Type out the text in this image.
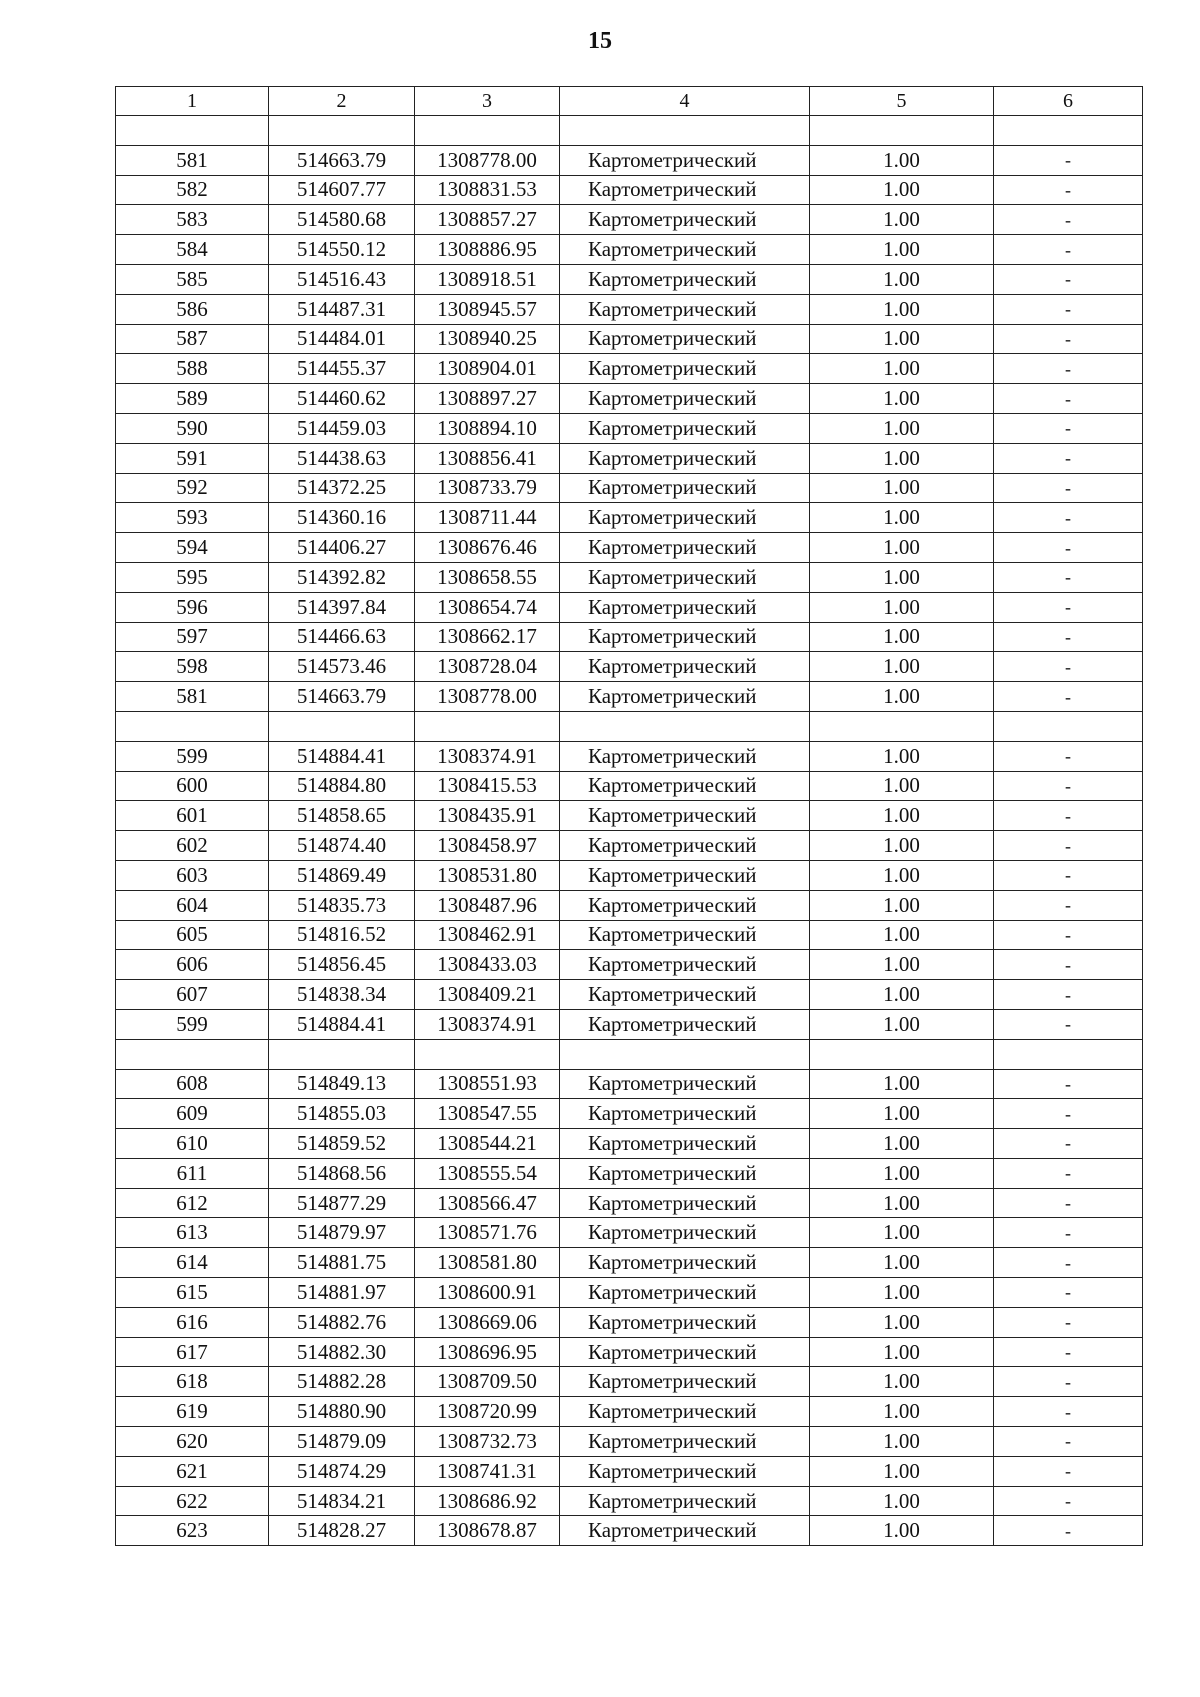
15
1	2	3	4	5	6

581	514663.79	1308778.00	Картометрический	1.00	-
582	514607.77	1308831.53	Картометрический	1.00	-
583	514580.68	1308857.27	Картометрический	1.00	-
584	514550.12	1308886.95	Картометрический	1.00	-
585	514516.43	1308918.51	Картометрический	1.00	-
586	514487.31	1308945.57	Картометрический	1.00	-
587	514484.01	1308940.25	Картометрический	1.00	-
588	514455.37	1308904.01	Картометрический	1.00	-
589	514460.62	1308897.27	Картометрический	1.00	-
590	514459.03	1308894.10	Картометрический	1.00	-
591	514438.63	1308856.41	Картометрический	1.00	-
592	514372.25	1308733.79	Картометрический	1.00	-
593	514360.16	1308711.44	Картометрический	1.00	-
594	514406.27	1308676.46	Картометрический	1.00	-
595	514392.82	1308658.55	Картометрический	1.00	-
596	514397.84	1308654.74	Картометрический	1.00	-
597	514466.63	1308662.17	Картометрический	1.00	-
598	514573.46	1308728.04	Картометрический	1.00	-
581	514663.79	1308778.00	Картометрический	1.00	-

599	514884.41	1308374.91	Картометрический	1.00	-
600	514884.80	1308415.53	Картометрический	1.00	-
601	514858.65	1308435.91	Картометрический	1.00	-
602	514874.40	1308458.97	Картометрический	1.00	-
603	514869.49	1308531.80	Картометрический	1.00	-
604	514835.73	1308487.96	Картометрический	1.00	-
605	514816.52	1308462.91	Картометрический	1.00	-
606	514856.45	1308433.03	Картометрический	1.00	-
607	514838.34	1308409.21	Картометрический	1.00	-
599	514884.41	1308374.91	Картометрический	1.00	-

608	514849.13	1308551.93	Картометрический	1.00	-
609	514855.03	1308547.55	Картометрический	1.00	-
610	514859.52	1308544.21	Картометрический	1.00	-
611	514868.56	1308555.54	Картометрический	1.00	-
612	514877.29	1308566.47	Картометрический	1.00	-
613	514879.97	1308571.76	Картометрический	1.00	-
614	514881.75	1308581.80	Картометрический	1.00	-
615	514881.97	1308600.91	Картометрический	1.00	-
616	514882.76	1308669.06	Картометрический	1.00	-
617	514882.30	1308696.95	Картометрический	1.00	-
618	514882.28	1308709.50	Картометрический	1.00	-
619	514880.90	1308720.99	Картометрический	1.00	-
620	514879.09	1308732.73	Картометрический	1.00	-
621	514874.29	1308741.31	Картометрический	1.00	-
622	514834.21	1308686.92	Картометрический	1.00	-
623	514828.27	1308678.87	Картометрический	1.00	-
